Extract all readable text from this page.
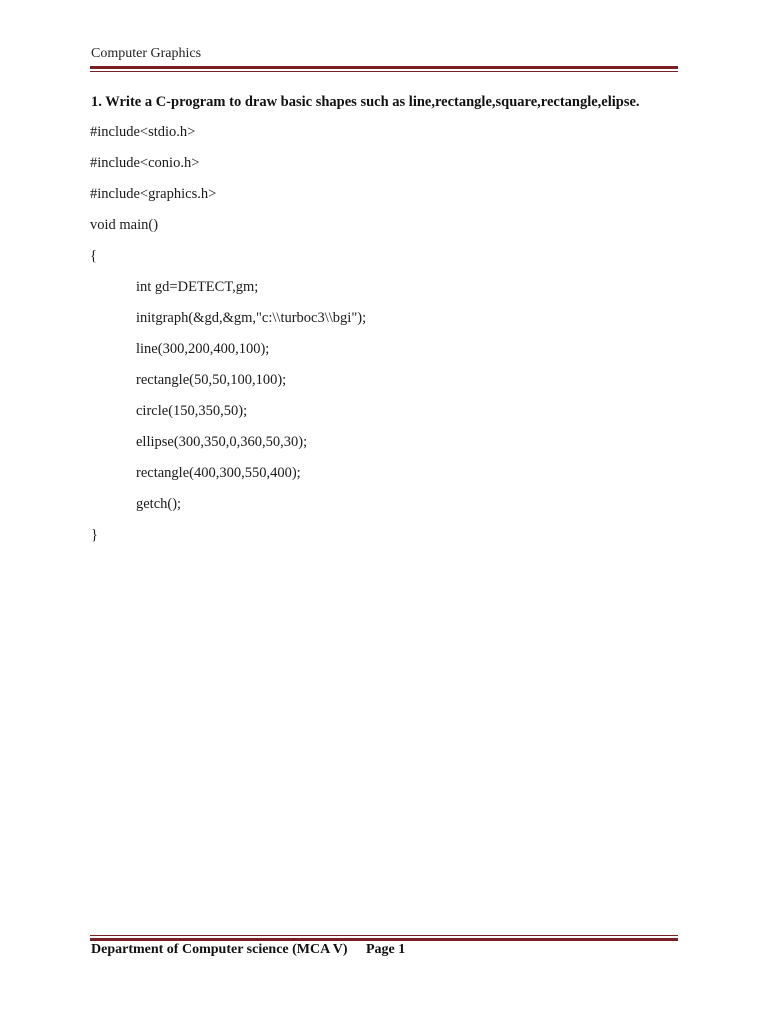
Computer Graphics
1. Write a C-program to draw basic shapes such as line,rectangle,square,rectangle,elipse.
#include<stdio.h>
#include<conio.h>
#include<graphics.h>
void main()
{
int gd=DETECT,gm;
initgraph(&gd,&gm,"c:\\turboc3\\bgi");
line(300,200,400,100);
rectangle(50,50,100,100);
circle(150,350,50);
ellipse(300,350,0,360,50,30);
rectangle(400,300,550,400);
getch();
}
Department of Computer science (MCA V) Page 1
